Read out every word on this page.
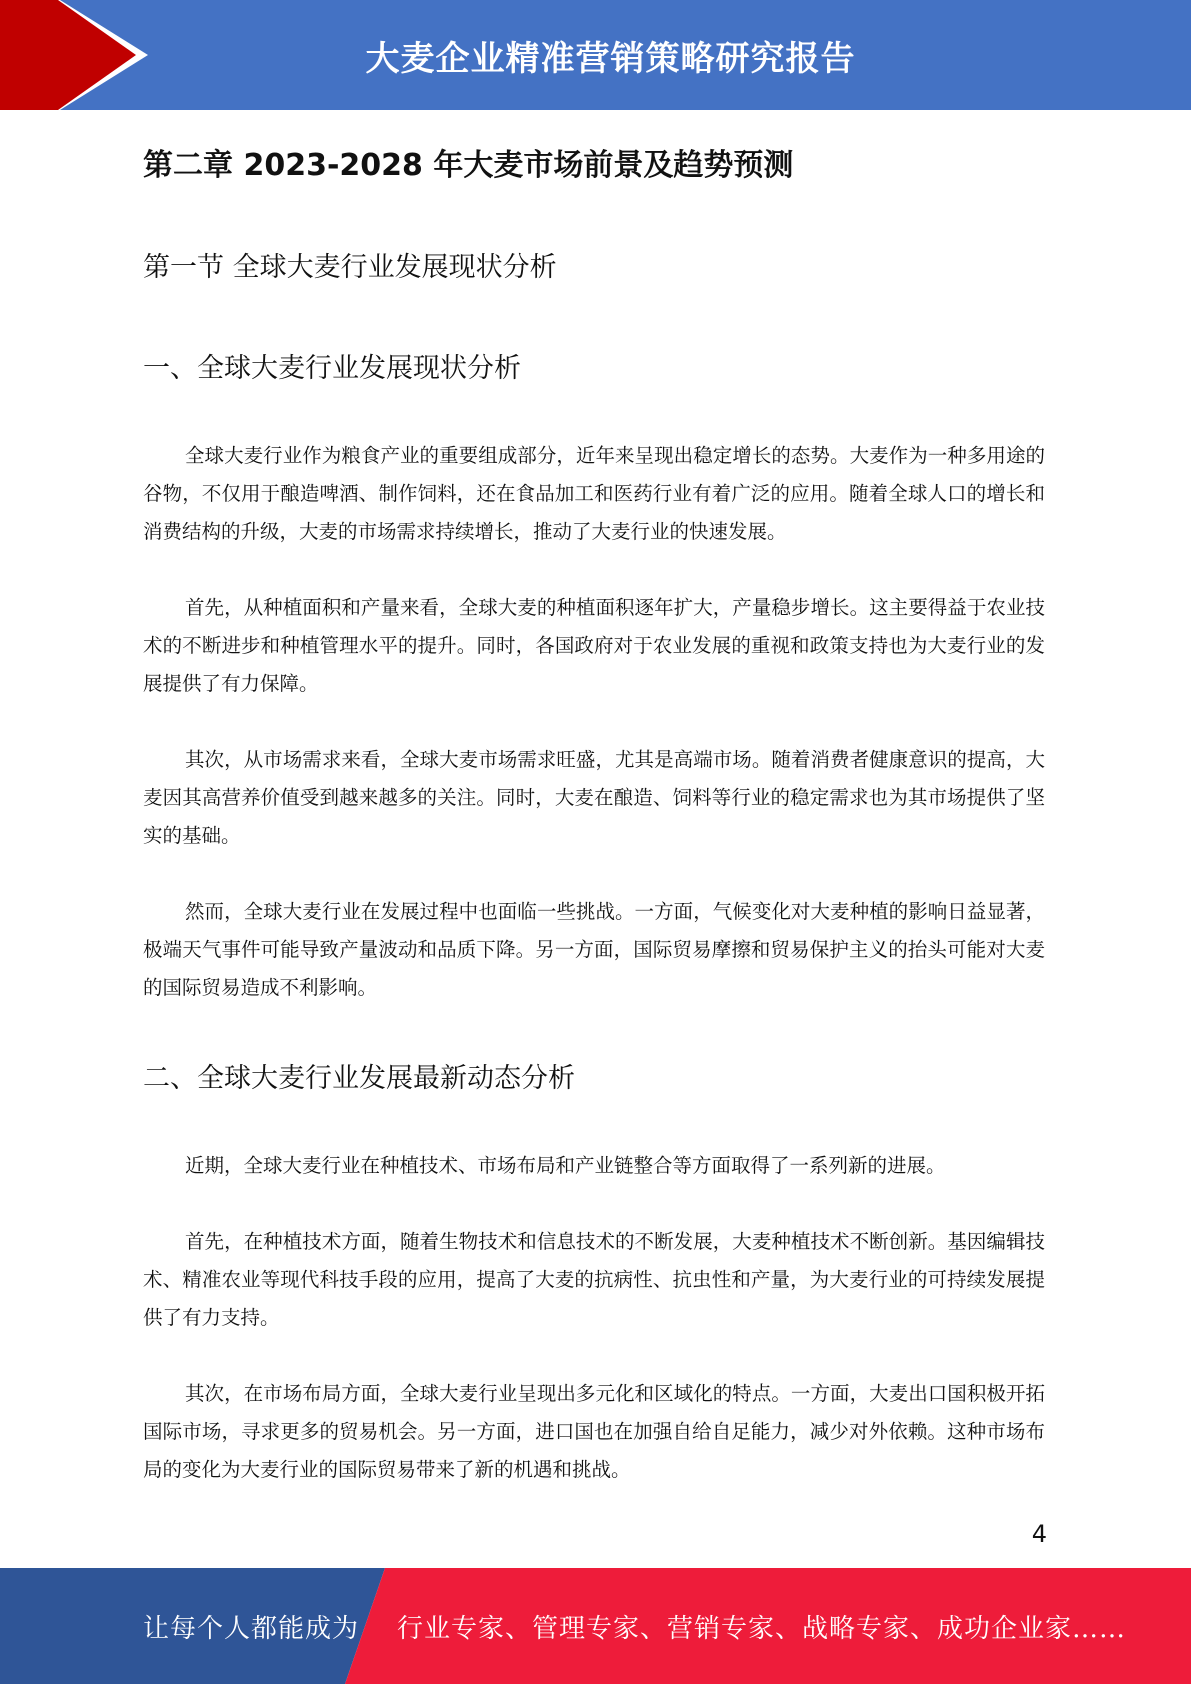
大麦企业精准营销策略研究报告
第二章 2023-2028 年大麦市场前景及趋势预测
第一节 全球大麦行业发展现状分析
一、全球大麦行业发展现状分析

全球大麦行业作为粮食产业的重要组成部分，近年来呈现出稳定增长的态势。大麦作为一种多用途的谷物，不仅用于酿造啤酒、制作饲料，还在食品加工和医药行业有着广泛的应用。随着全球人口的增长和消费结构的升级，大麦的市场需求持续增长，推动了大麦行业的快速发展。

首先，从种植面积和产量来看，全球大麦的种植面积逐年扩大，产量稳步增长。这主要得益于农业技术的不断进步和种植管理水平的提升。同时，各国政府对于农业发展的重视和政策支持也为大麦行业的发展提供了有力保障。

其次，从市场需求来看，全球大麦市场需求旺盛，尤其是高端市场。随着消费者健康意识的提高，大麦因其高营养价值受到越来越多的关注。同时，大麦在酿造、饲料等行业的稳定需求也为其市场提供了坚实的基础。

然而，全球大麦行业在发展过程中也面临一些挑战。一方面，气候变化对大麦种植的影响日益显著，极端天气事件可能导致产量波动和品质下降。另一方面，国际贸易摩擦和贸易保护主义的抬头可能对大麦的国际贸易造成不利影响。

二、全球大麦行业发展最新动态分析

近期，全球大麦行业在种植技术、市场布局和产业链整合等方面取得了一系列新的进展。

首先，在种植技术方面，随着生物技术和信息技术的不断发展，大麦种植技术不断创新。基因编辑技术、精准农业等现代科技手段的应用，提高了大麦的抗病性、抗虫性和产量，为大麦行业的可持续发展提供了有力支持。

其次，在市场布局方面，全球大麦行业呈现出多元化和区域化的特点。一方面，大麦出口国积极开拓国际市场，寻求更多的贸易机会。另一方面，进口国也在加强自给自足能力，减少对外依赖。这种市场布局的变化为大麦行业的国际贸易带来了新的机遇和挑战。

4
让每个人都能成为 行业专家、管理专家、营销专家、战略专家、成功企业家……
